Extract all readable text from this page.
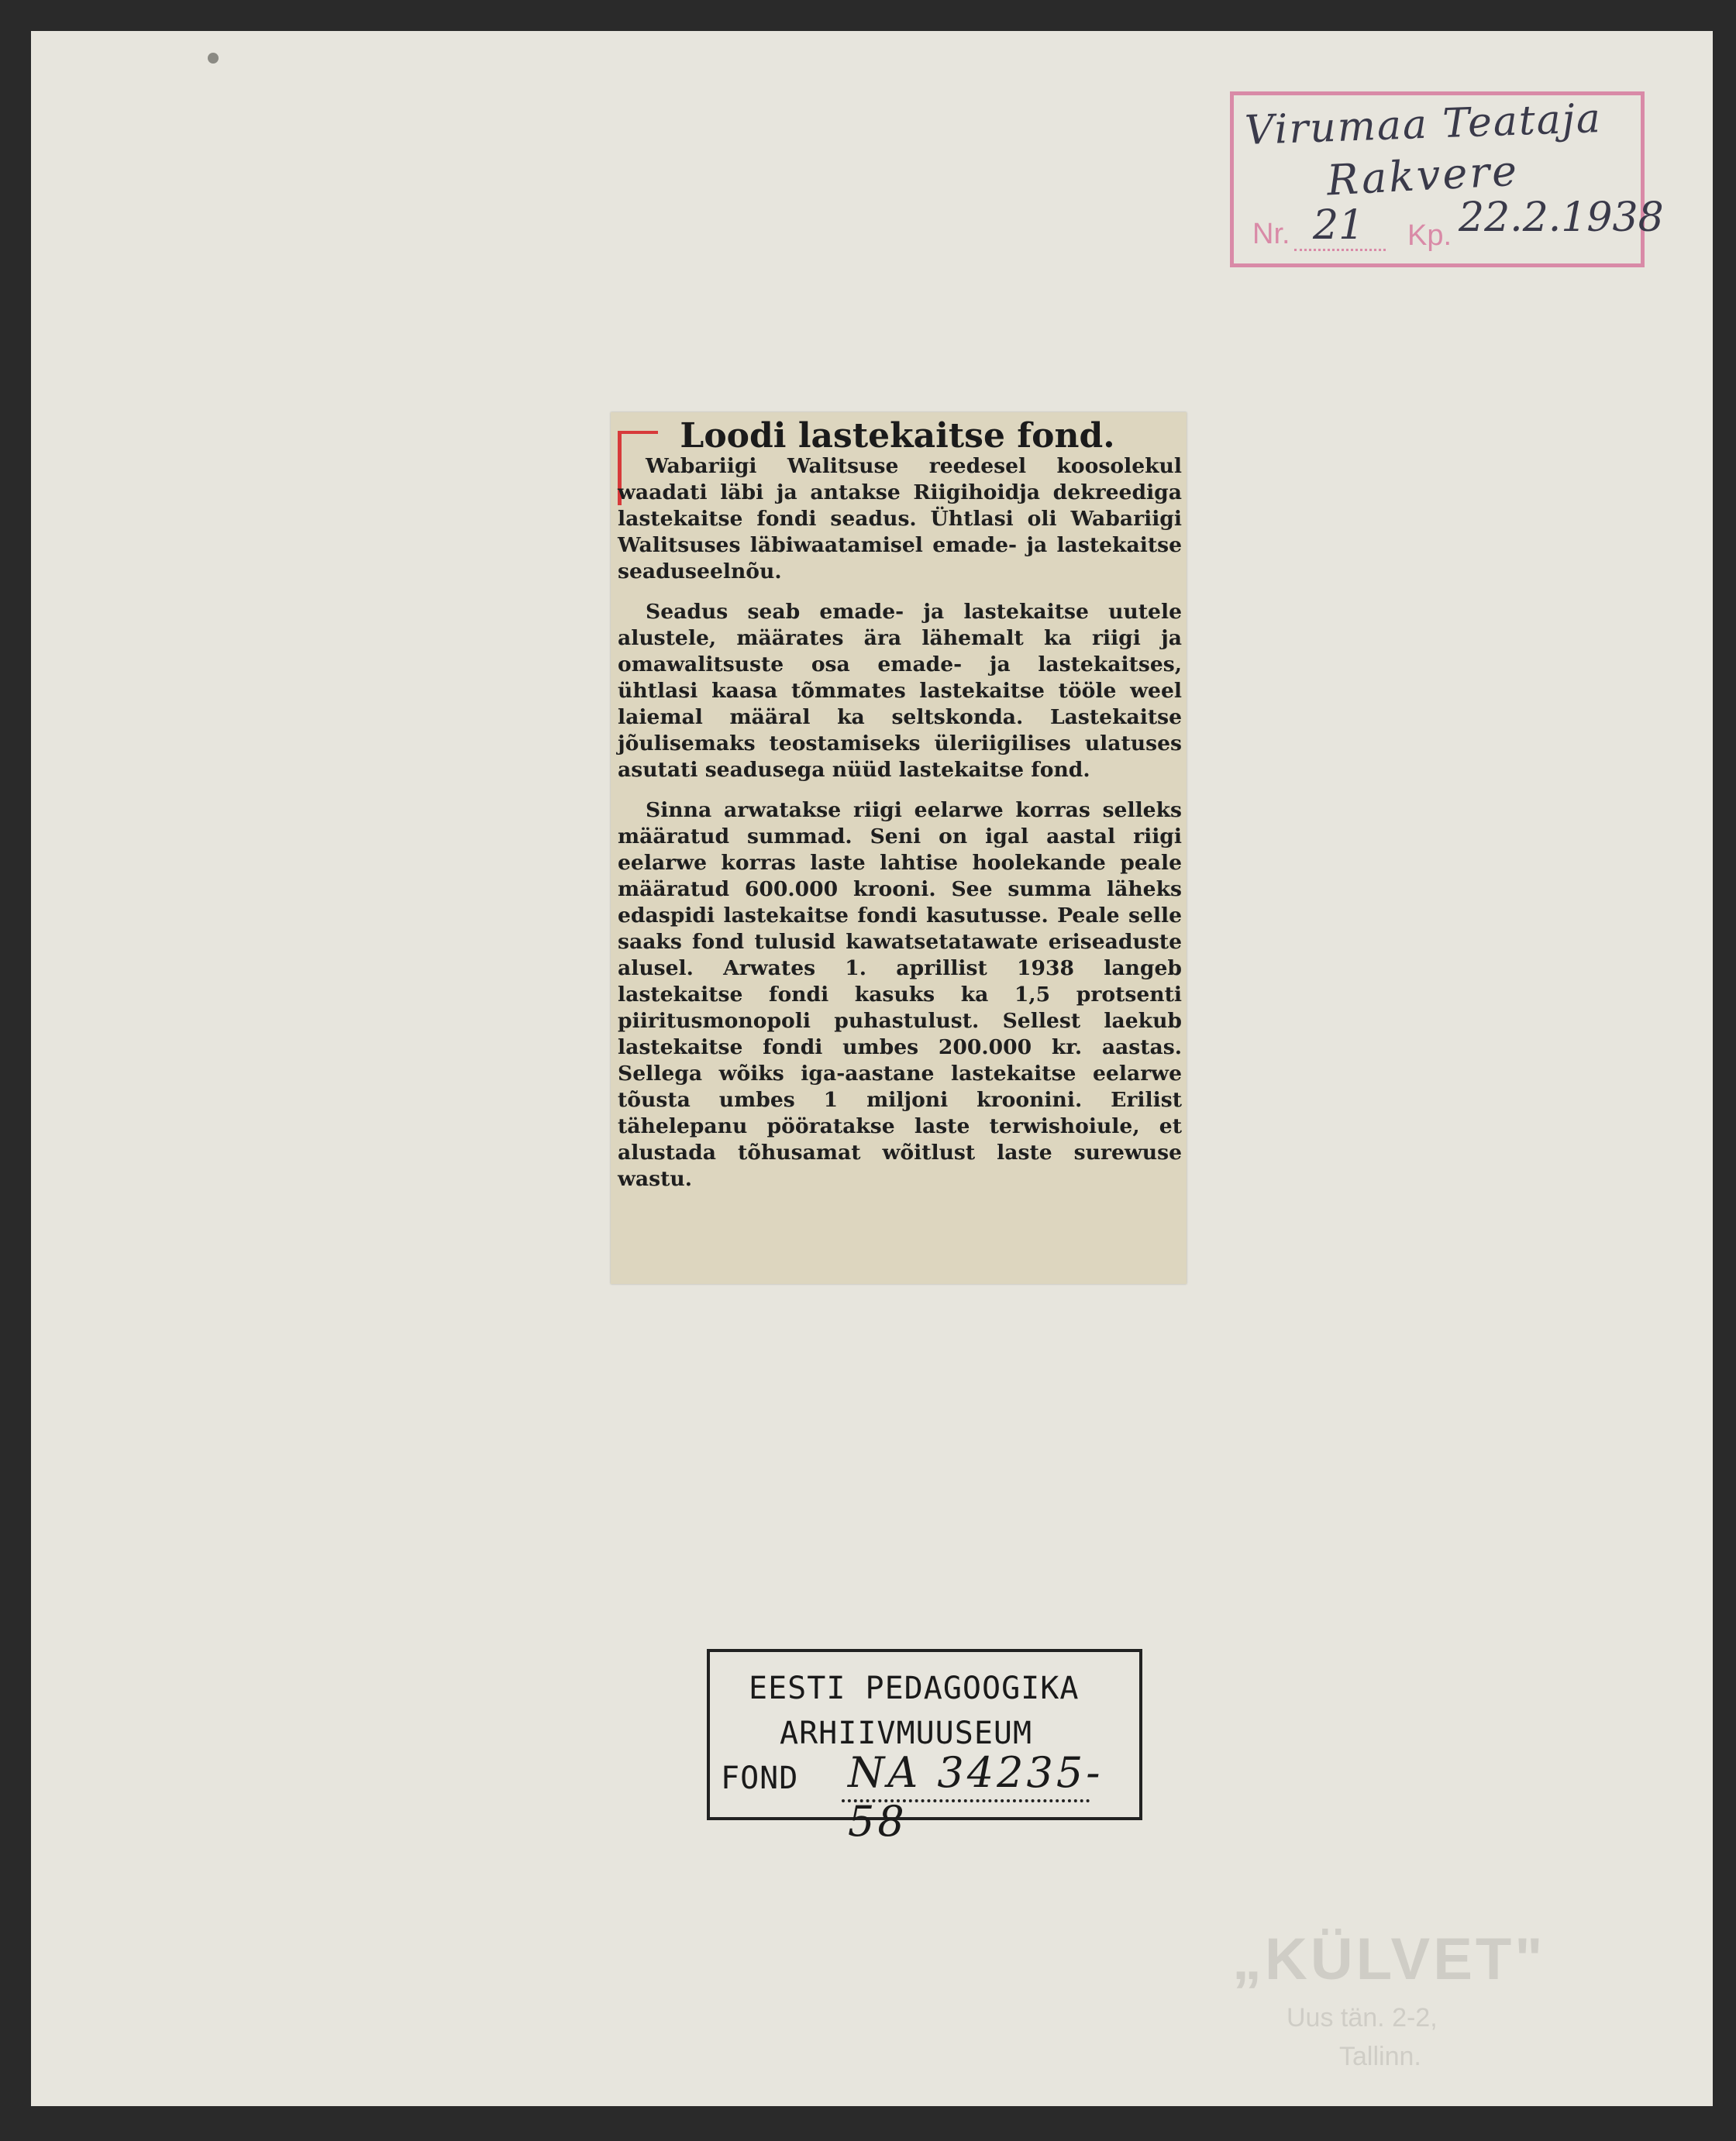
Virumaa Teataja
Rakvere
Nr. 21 Kp. 22.2.1938
Loodi lastekaitse fond.

Wabariigi Walitsuse reedesel koosolekul waadati läbi ja antakse Riigihoidja dekreediga lastekaitse fondi seadus. Ühtlasi oli Wabariigi Walitsuses läbiwaatamisel emade- ja lastekaitse seaduseelnõu.

Seadus seab emade- ja lastekaitse uutele alustele, määrates ära lähemalt ka riigi ja omawalitsuste osa emade- ja lastekaitses, ühtlasi kaasa tõmmates lastekaitse tööle weel laiemal määral ka seltskonda. Lastekaitse jõulisemaks teostamiseks üleriigilises ulatuses asutati seadusega nüüd lastekaitse fond.

Sinna arwatakse riigi eelarwe korras selleks määratud summad. Seni on igal aastal riigi eelarwe korras laste lahtise hoolekande peale määratud 600.000 krooni. See summa läheks edaspidi lastekaitse fondi kasutusse. Peale selle saaks fond tulusid kawatsetatawate eriseaduste alusel. Arwates 1. aprillist 1938 langeb lastekaitse fondi kasuks ka 1,5 protsenti piiritusmonopoli puhastulust. Sellest laekub lastekaitse fondi umbes 200.000 kr. aastas. Sellega wõiks iga-aastane lastekaitse eelarwe tõusta umbes 1 miljoni kroonini. Erilist tähelepanu pööratakse laste terwishoiule, et alustada tõhusamat wõitlust laste surewuse wastu.

EESTI PEDAGOOGIKA
ARHIIVMUUSEUM
FOND NA 34235-58
„KÜLVET"
Uus tän. 2-2,
Tallinn.
